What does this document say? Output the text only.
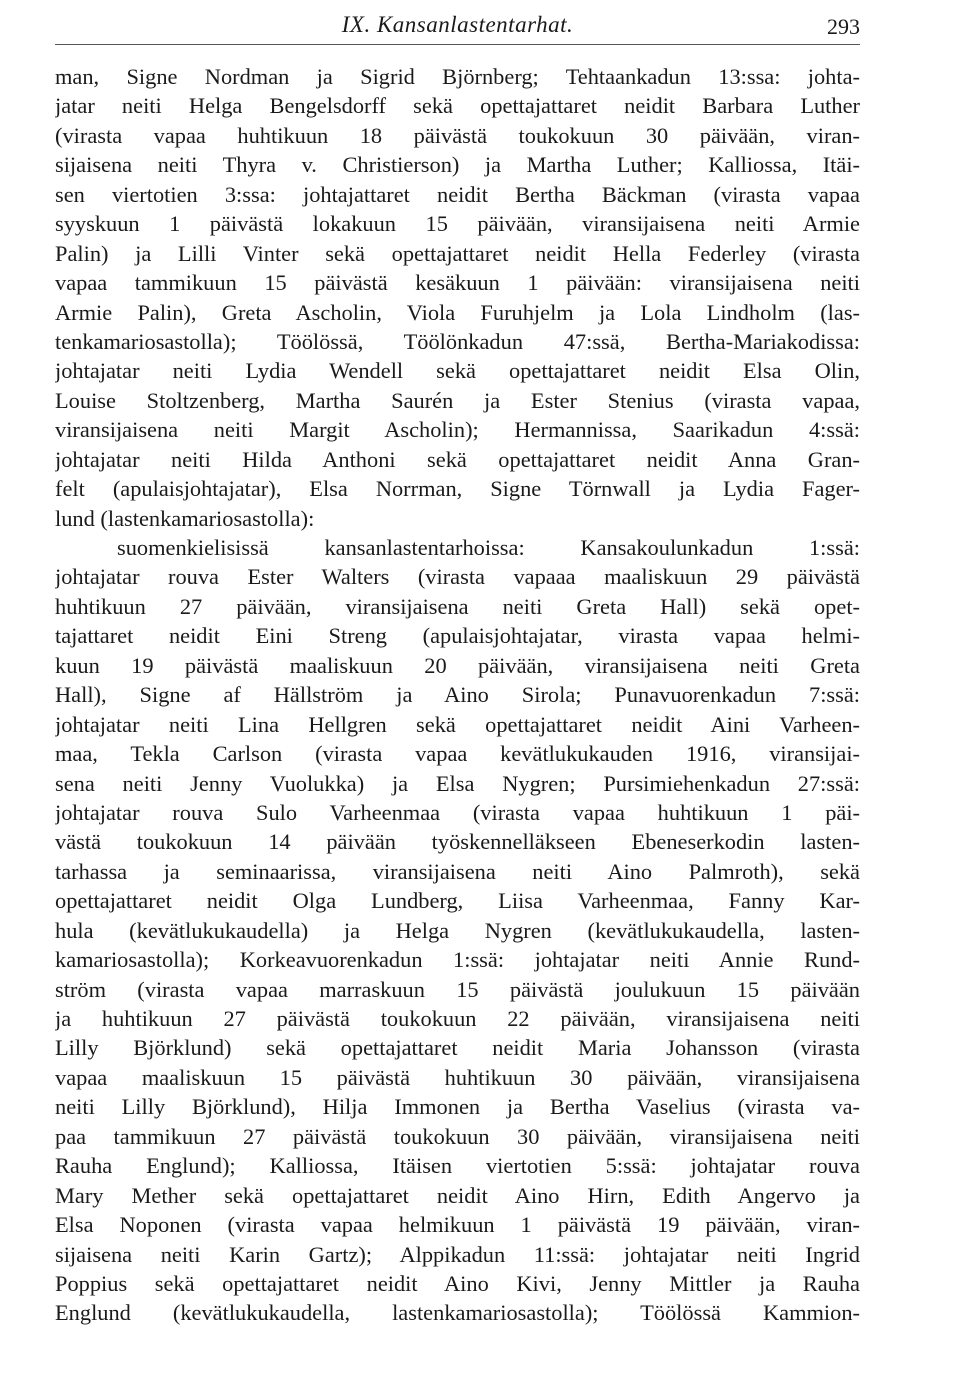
IX. Kansanlastentarhat.	293
man, Signe Nordman ja Sigrid Björnberg; Tehtaankadun 13:ssa: johta-
jatar neiti Helga Bengelsdorff sekä opettajattaret neidit Barbara Luther
(virasta vapaa huhtikuun 18 päivästä toukokuun 30 päivään, viran-
sijaisena neiti Thyra v. Christierson) ja Martha Luther; Kalliossa, Itäi-
sen viertotien 3:ssa: johtajattaret neidit Bertha Bäckman (virasta vapaa
syyskuun 1 päivästä lokakuun 15 päivään, viransijaisena neiti Armie
Palin) ja Lilli Vinter sekä opettajattaret neidit Hella Federley (virasta
vapaa tammikuun 15 päivästä kesäkuun 1 päivään: viransijaisena neiti
Armie Palin), Greta Ascholin, Viola Furuhjelm ja Lola Lindholm (las-
tenkamariosastolla); Töölössä, Töölönkadun 47:ssä, Bertha-Mariakodissa:
johtajatar neiti Lydia Wendell sekä opettajattaret neidit Elsa Olin,
Louise Stoltzenberg, Martha Saurén ja Ester Stenius (virasta vapaa,
viransijaisena neiti Margit Ascholin); Hermannissa, Saarikadun 4:ssä:
johtajatar neiti Hilda Anthoni sekä opettajattaret neidit Anna Gran-
felt (apulaisjohtajatar), Elsa Norrman, Signe Törnwall ja Lydia Fager-
lund (lastenkamariosastolla):
suomenkielisissä kansanlastentarhoissa: Kansakoulunkadun 1:ssä:
johtajatar rouva Ester Walters (virasta vapaaa maaliskuun 29 päivästä
huhtikuun 27 päivään, viransijaisena neiti Greta Hall) sekä opet-
tajattaret neidit Eini Streng (apulaisjohtajatar, virasta vapaa helmi-
kuun 19 päivästä maaliskuun 20 päivään, viransijaisena neiti Greta
Hall), Signe af Hällström ja Aino Sirola; Punavuorenkadun 7:ssä:
johtajatar neiti Lina Hellgren sekä opettajattaret neidit Aini Varheen-
maa, Tekla Carlson (virasta vapaa kevätlukukauden 1916, viransijai-
sena neiti Jenny Vuolukka) ja Elsa Nygren; Pursimiehenkadun 27:ssä:
johtajatar rouva Sulo Varheenmaa (virasta vapaa huhtikuun 1 päi-
västä toukokuun 14 päivään työskennelläkseen Ebeneserkodin lasten-
tarhassa ja seminaarissa, viransijaisena neiti Aino Palmroth), sekä
opettajattaret neidit Olga Lundberg, Liisa Varheenmaa, Fanny Kar-
hula (kevätlukukaudella) ja Helga Nygren (kevätlukukaudella, lasten-
kamariosastolla); Korkeavuorenkadun 1:ssä: johtajatar neiti Annie Rund-
ström (virasta vapaa marraskuun 15 päivästä joulukuun 15 päivään
ja huhtikuun 27 päivästä toukokuun 22 päivään, viransijaisena neiti
Lilly Björklund) sekä opettajattaret neidit Maria Johansson (virasta
vapaa maaliskuun 15 päivästä huhtikuun 30 päivään, viransijaisena
neiti Lilly Björklund), Hilja Immonen ja Bertha Vaselius (virasta va-
paa tammikuun 27 päivästä toukokuun 30 päivään, viransijaisena neiti
Rauha Englund); Kalliossa, Itäisen viertotien 5:ssä: johtajatar rouva
Mary Mether sekä opettajattaret neidit Aino Hirn, Edith Angervo ja
Elsa Noponen (virasta vapaa helmikuun 1 päivästä 19 päivään, viran-
sijaisena neiti Karin Gartz); Alppikadun 11:ssä: johtajatar neiti Ingrid
Poppius sekä opettajattaret neidit Aino Kivi, Jenny Mittler ja Rauha
Englund (kevätlukukaudella, lastenkamariosastolla); Töölössä Kammion-
